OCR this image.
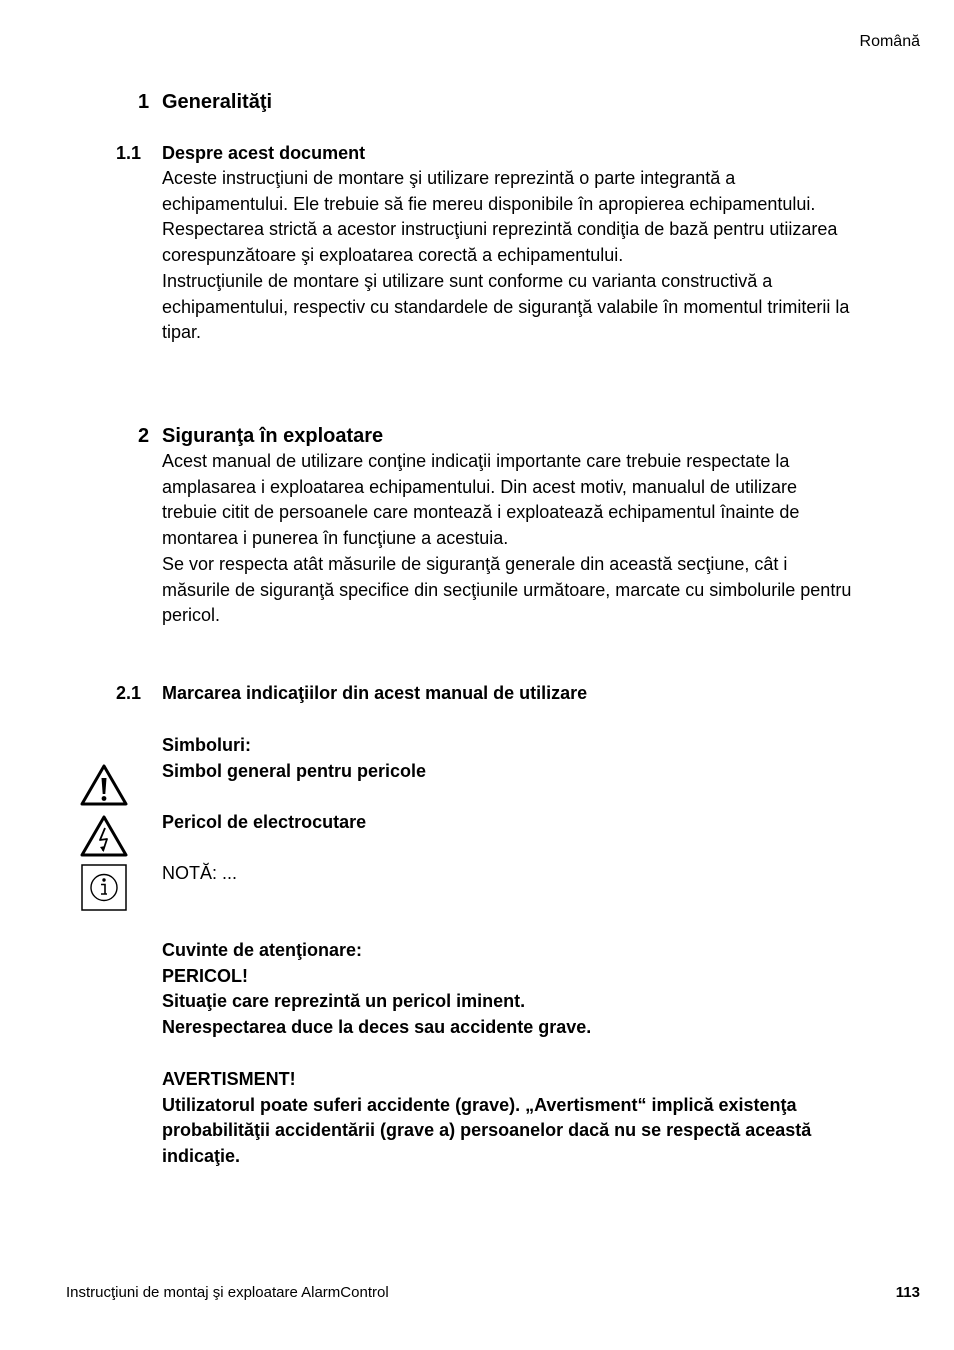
Română
1 Generalităţi
1.1 Despre acest document

Aceste instrucţiuni de montare şi utilizare reprezintă o parte integrantă a echipamentului. Ele trebuie să fie mereu disponibile în apropierea echipamentului.

Respectarea strictă a acestor instrucţiuni reprezintă condiţia de bază pentru utiizarea corespunzătoare şi exploatarea corectă a echipamentului.

Instrucţiunile de montare şi utilizare sunt conforme cu varianta constructivă a echipamentului, respectiv cu standardele de siguranţă valabile în momentul trimiterii la tipar.

2 Siguranţa în exploatare

Acest manual de utilizare conţine indicaţii importante care trebuie respectate la amplasarea i exploatarea echipamentului. Din acest motiv, manualul de utilizare trebuie citit de persoanele care montează i exploatează echipamentul înainte de montarea i punerea în funcţiune a acestuia.

Se vor respecta atât măsurile de siguranţă generale din această secţiune, cât i măsurile de siguranţă specifice din secţiunile următoare, marcate cu simbolurile pentru pericol.

2.1 Marcarea indicaţiilor din acest manual de utilizare
Simboluri:
Simbol general pentru pericole
Pericol de electrocutare
NOTĂ: ...

Cuvinte de atenţionare:

PERICOL!

Situaţie care reprezintă un pericol iminent.

Nerespectarea duce la deces sau accidente grave.

AVERTISMENT!

Utilizatorul poate suferi accidente (grave). „Avertisment“ implică existenţa probabilităţii accidentării (grave a) persoanelor dacă nu se respectă această indicaţie.

Instrucţiuni de montaj şi exploatare AlarmControl	113
